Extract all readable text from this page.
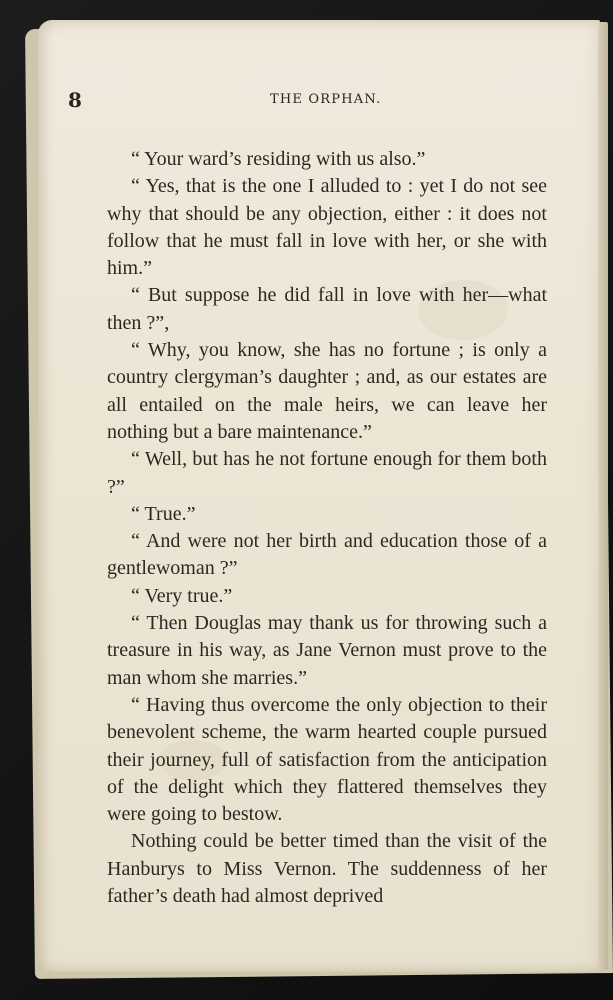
8	THE ORPHAN.

“ Your ward’s residing with us also.”

“ Yes, that is the one I alluded to : yet I do not see why that should be any objection, either : it does not follow that he must fall in love with her, or she with him.”

“ But suppose he did fall in love with her—what then ?”,

“ Why, you know, she has no fortune ; is only a country clergyman’s daughter ; and, as our estates are all entailed on the male heirs, we can leave her nothing but a bare maintenance.”

“ Well, but has he not fortune enough for them both ?”

“ True.”

“ And were not her birth and education those of a gentlewoman ?”

“ Very true.”

“ Then Douglas may thank us for throwing such a treasure in his way, as Jane Vernon must prove to the man whom she marries.”

“ Having thus overcome the only objection to their benevolent scheme, the warm hearted couple pursued their journey, full of satisfaction from the anticipation of the delight which they flattered themselves they were going to bestow.

Nothing could be better timed than the visit of the Hanburys to Miss Vernon. The suddenness of her father’s death had almost deprived
